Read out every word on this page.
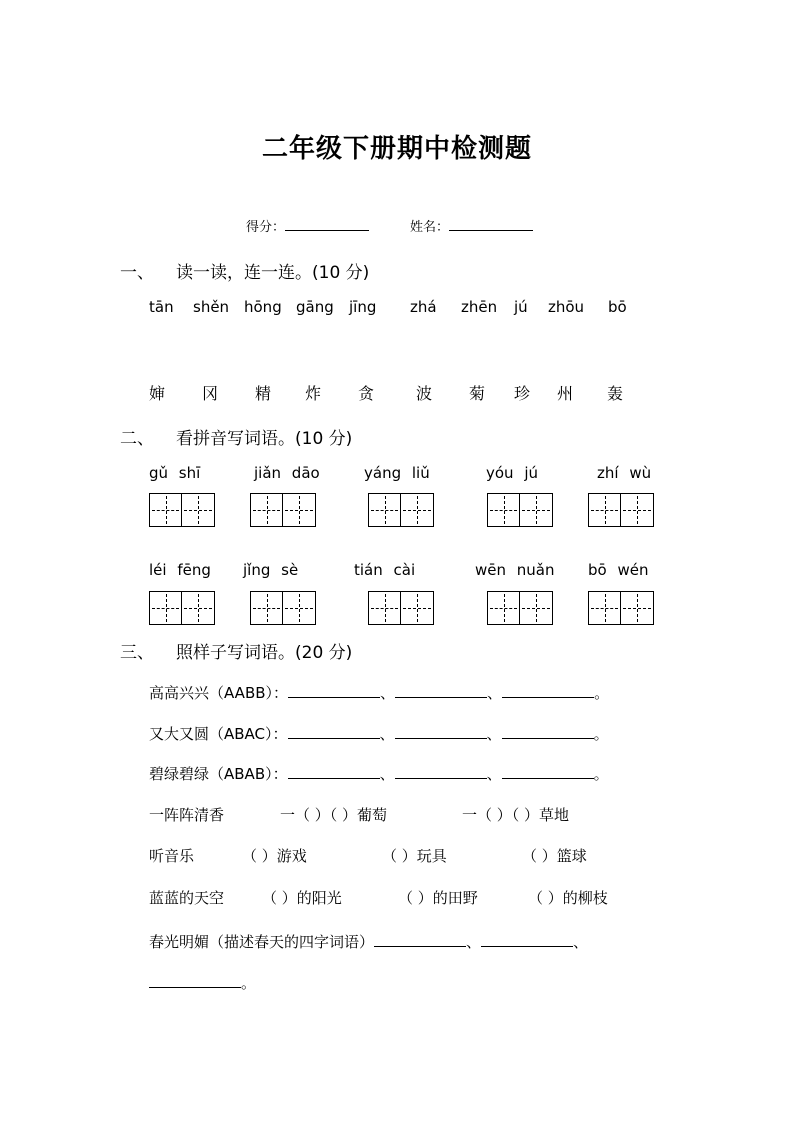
二年级下册期中检测题
得分：	姓名：
一、 读一读，连一连。(10 分)
tān shěn hōng gāng jīng zhá zhēn jú zhōu bō
婶 冈 精 炸 贪	波 菊 珍 州 轰
二、 看拼音写词语。(10 分)
gǔ shī	jiǎn dāo	yáng liǔ	yóu jú	zhí wù
léi fēng jǐng sè	tián cài	wēn nuǎn bō wén
三、 照样子写词语。(20 分)
高高兴兴（AABB）：	、	、	。
又大又圆（ABAC）：	、	、	。
碧绿碧绿（ABAB）：	、	、	。
一阵阵清香	一（ ）（ ）葡萄	一（ ）（ ）草地
听音乐	（ ）游戏	（ ）玩具	（ ）篮球
蓝蓝的天空	（ ）的阳光	（ ）的田野	（ ）的柳枝
春光明媚（描述春天的四字词语）	、	、
。
